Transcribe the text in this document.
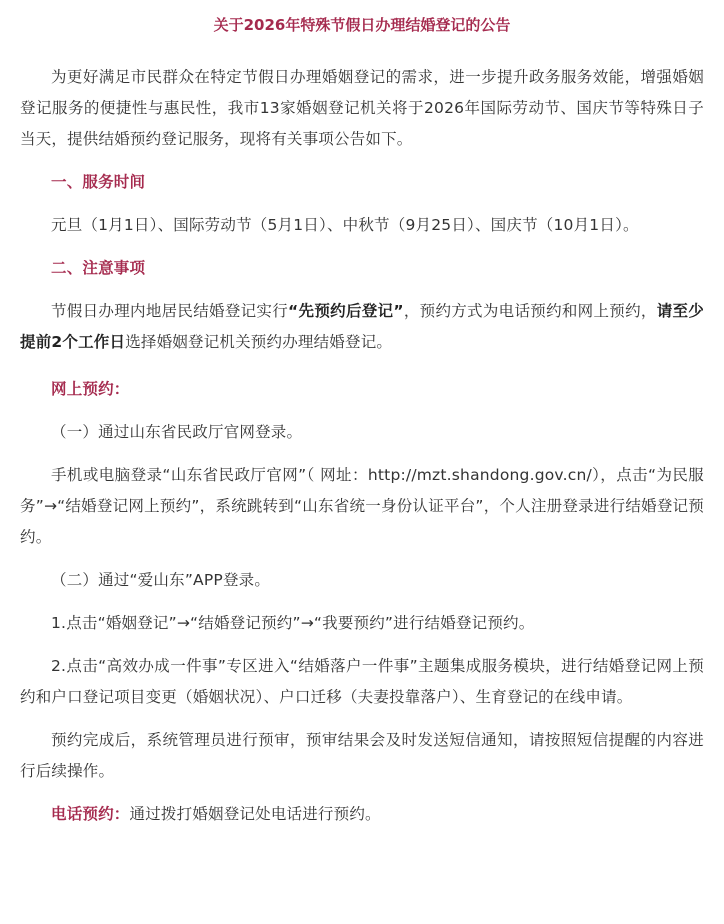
关于2026年特殊节假日办理结婚登记的公告

为更好满足市民群众在特定节假日办理婚姻登记的需求，进一步提升政务服务效能，增强婚姻登记服务的便捷性与惠民性，我市13家婚姻登记机关将于2026年国际劳动节、国庆节等特殊日子当天，提供结婚预约登记服务，现将有关事项公告如下。

一、服务时间

元旦（1月1日）、国际劳动节（5月1日）、中秋节（9月25日）、国庆节（10月1日）。

二、注意事项

节假日办理内地居民结婚登记实行“先预约后登记”，预约方式为电话预约和网上预约，请至少提前2个工作日选择婚姻登记机关预约办理结婚登记。

网上预约：

（一）通过山东省民政厅官网登录。

手机或电脑登录“山东省民政厅官网”（ 网址：http://mzt.shandong.gov.cn/），点击“为民服务”→“结婚登记网上预约”，系统跳转到“山东省统一身份认证平台”，个人注册登录进行结婚登记预约。

（二）通过“爱山东”APP登录。

1.点击“婚姻登记”→“结婚登记预约”→“我要预约”进行结婚登记预约。

2.点击“高效办成一件事”专区进入“结婚落户一件事”主题集成服务模块，进行结婚登记网上预约和户口登记项目变更（婚姻状况）、户口迁移（夫妻投靠落户）、生育登记的在线申请。

预约完成后，系统管理员进行预审，预审结果会及时发送短信通知，请按照短信提醒的内容进行后续操作。

电话预约：通过拨打婚姻登记处电话进行预约。
